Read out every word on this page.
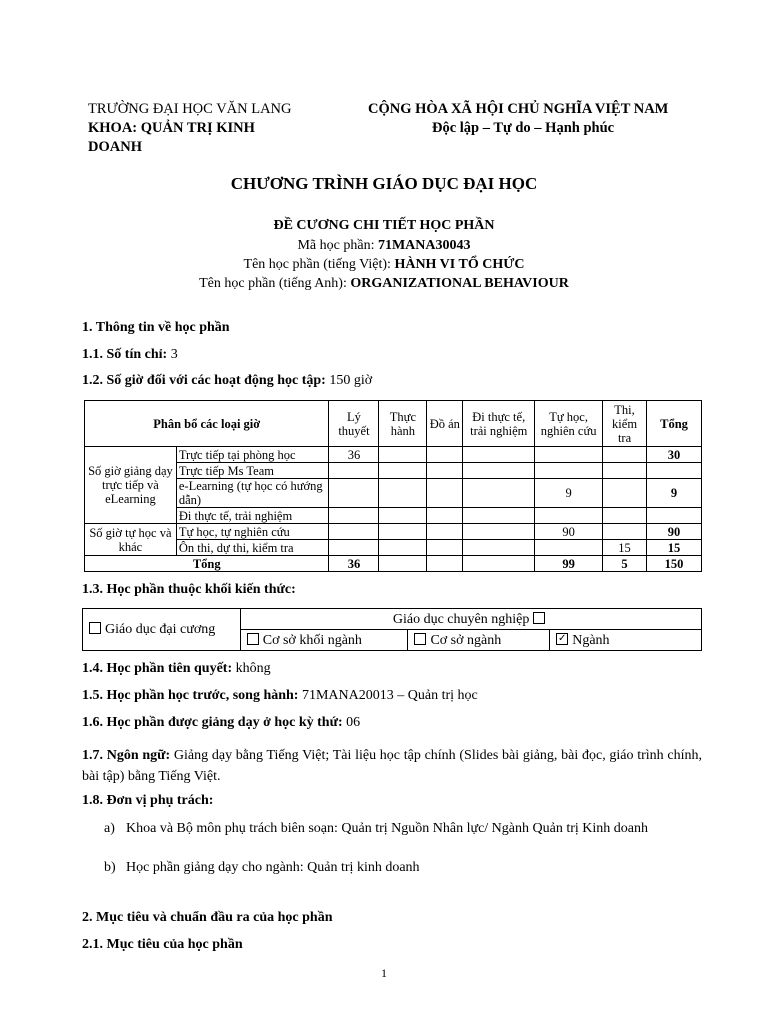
TRƯỜNG ĐẠI HỌC VĂN LANG
KHOA: QUẢN TRỊ KINH
DOANH
CỘNG HÒA XÃ HỘI CHỦ NGHĨA VIỆT NAM
Độc lập – Tự do – Hạnh phúc
CHƯƠNG TRÌNH GIÁO DỤC ĐẠI HỌC
ĐỀ CƯƠNG CHI TIẾT HỌC PHẦN
Mã học phần: 71MANA30043
Tên học phần (tiếng Việt): HÀNH VI TỔ CHỨC
Tên học phần (tiếng Anh): ORGANIZATIONAL BEHAVIOUR
1. Thông tin về học phần
1.1. Số tín chỉ: 3
1.2. Số giờ đối với các hoạt động học tập: 150 giờ
Phân bổ các loại giờ		Lý thuyết	Thực hành	Đồ án	Đi thực tế, trải nghiệm	Tự học, nghiên cứu	Thi, kiểm tra	Tổng
Số giờ giảng dạy trực tiếp và eLearning	Trực tiếp tại phòng học	36						30
	Trực tiếp Ms Team							
	e-Learning (tự học có hướng dẫn)					9		9
	Đi thực tế, trải nghiệm							
Số giờ tự học và khác	Tự học, tự nghiên cứu					90		90
	Ôn thi, dự thi, kiểm tra						15	15
Tổng		36				99	5	150
1.3. Học phần thuộc khối kiến thức:
Giáo dục đại cương	Giáo dục chuyên nghiệp		
	Cơ sở khối ngành	Cơ sở ngành	✓Ngành
1.4. Học phần tiên quyết: không
1.5. Học phần học trước, song hành: 71MANA20013 – Quản trị học
1.6. Học phần được giảng dạy ở học kỳ thứ: 06
1.7. Ngôn ngữ: Giảng dạy bằng Tiếng Việt; Tài liệu học tập chính (Slides bài giảng, bài đọc, giáo trình chính, bài tập) bằng Tiếng Việt.
1.8. Đơn vị phụ trách:
a) Khoa và Bộ môn phụ trách biên soạn: Quản trị Nguồn Nhân lực/ Ngành Quản trị Kinh doanh
b) Học phần giảng dạy cho ngành: Quản trị kinh doanh
2. Mục tiêu và chuẩn đầu ra của học phần
2.1. Mục tiêu của học phần
1
